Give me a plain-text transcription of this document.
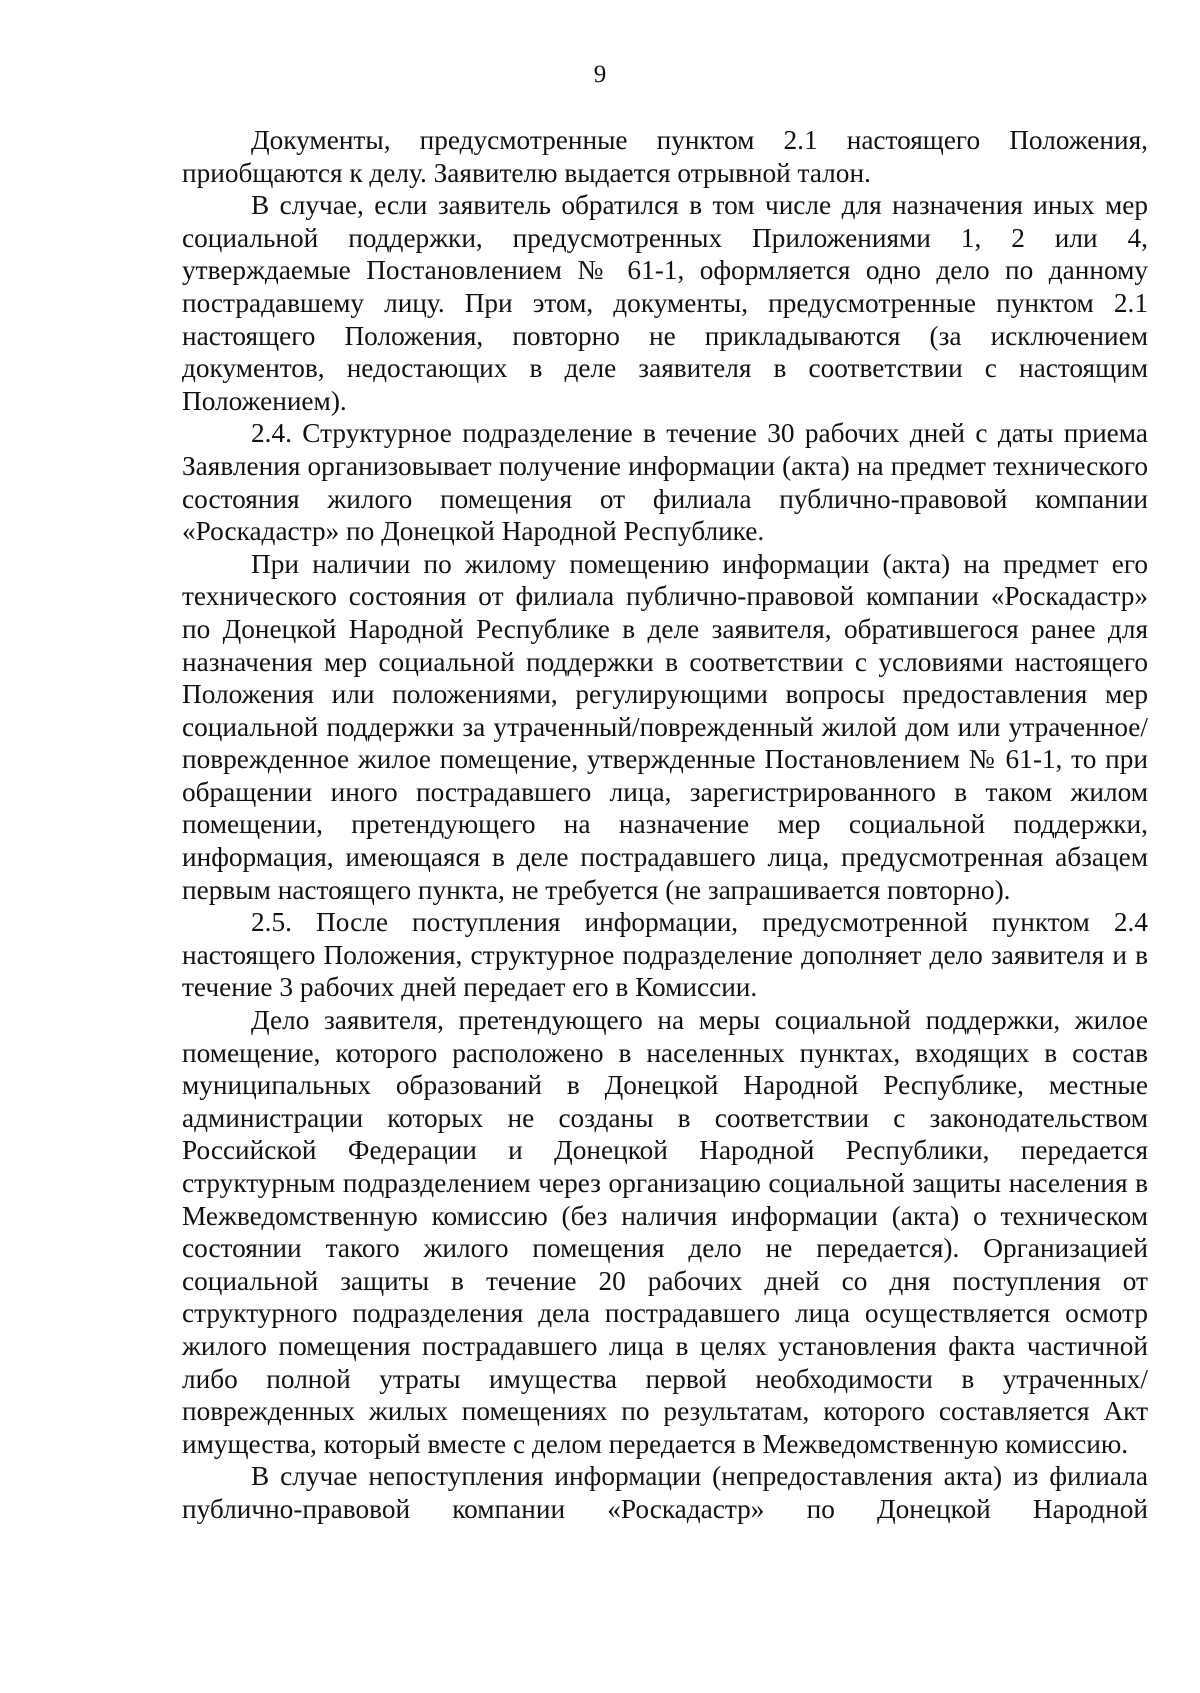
9

Документы, предусмотренные пунктом 2.1 настоящего Положения, приобщаются к делу. Заявителю выдается отрывной талон.

В случае, если заявитель обратился в том числе для назначения иных мер социальной поддержки, предусмотренных Приложениями 1, 2 или 4, утверждаемые Постановлением № 61-1, оформляется одно дело по данному пострадавшему лицу. При этом, документы, предусмотренные пунктом 2.1 настоящего Положения, повторно не прикладываются (за исключением документов, недостающих в деле заявителя в соответствии с настоящим Положением).

2.4. Структурное подразделение в течение 30 рабочих дней с даты приема Заявления организовывает получение информации (акта) на предмет технического состояния жилого помещения от филиала публично-правовой компании «Роскадастр» по Донецкой Народной Республике.

При наличии по жилому помещению информации (акта) на предмет его технического состояния от филиала публично-правовой компании «Роскадастр» по Донецкой Народной Республике в деле заявителя, обратившегося ранее для назначения мер социальной поддержки в соответствии с условиями настоящего Положения или положениями, регулирующими вопросы предоставления мер социальной поддержки за утраченный/поврежденный жилой дом или утраченное/поврежденное жилое помещение, утвержденные Постановлением № 61-1, то при обращении иного пострадавшего лица, зарегистрированного в таком жилом помещении, претендующего на назначение мер социальной поддержки, информация, имеющаяся в деле пострадавшего лица, предусмотренная абзацем первым настоящего пункта, не требуется (не запрашивается повторно).

2.5. После поступления информации, предусмотренной пунктом 2.4 настоящего Положения, структурное подразделение дополняет дело заявителя и в течение 3 рабочих дней передает его в Комиссии.

Дело заявителя, претендующего на меры социальной поддержки, жилое помещение, которого расположено в населенных пунктах, входящих в состав муниципальных образований в Донецкой Народной Республике, местные администрации которых не созданы в соответствии с законодательством Российской Федерации и Донецкой Народной Республики, передается структурным подразделением через организацию социальной защиты населения в Межведомственную комиссию (без наличия информации (акта) о техническом состоянии такого жилого помещения дело не передается). Организацией социальной защиты в течение 20 рабочих дней со дня поступления от структурного подразделения дела пострадавшего лица осуществляется осмотр жилого помещения пострадавшего лица в целях установления факта частичной либо полной утраты имущества первой необходимости в утраченных/поврежденных жилых помещениях по результатам, которого составляется Акт имущества, который вместе с делом передается в Межведомственную комиссию.

В случае непоступления информации (непредоставления акта) из филиала публично-правовой компании «Роскадастр» по Донецкой Народной
